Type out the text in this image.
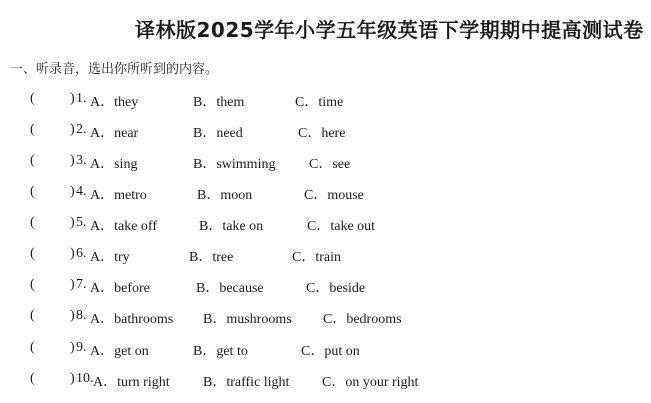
译林版2025学年小学五年级英语下学期期中提高测试卷
一、听录音，选出你所听到的内容。
(	) 1. A．they	B．them	C．time
(	) 2. A．near	B．need	C．here
(	) 3. A．sing	B．swimming C．see
(	) 4. A．metro	B．moon	C．mouse
(	) 5. A．take off	B．take on	C．take out
(	) 6. A．try	B．tree	C．train
(	) 7. A．before	B．because	C．beside
(	) 8. A．bathrooms B．mushrooms C．bedrooms
(	) 9. A．get on	B．get to	C．put on
(	) 10. A．turn right B．traffic light C．on your right
